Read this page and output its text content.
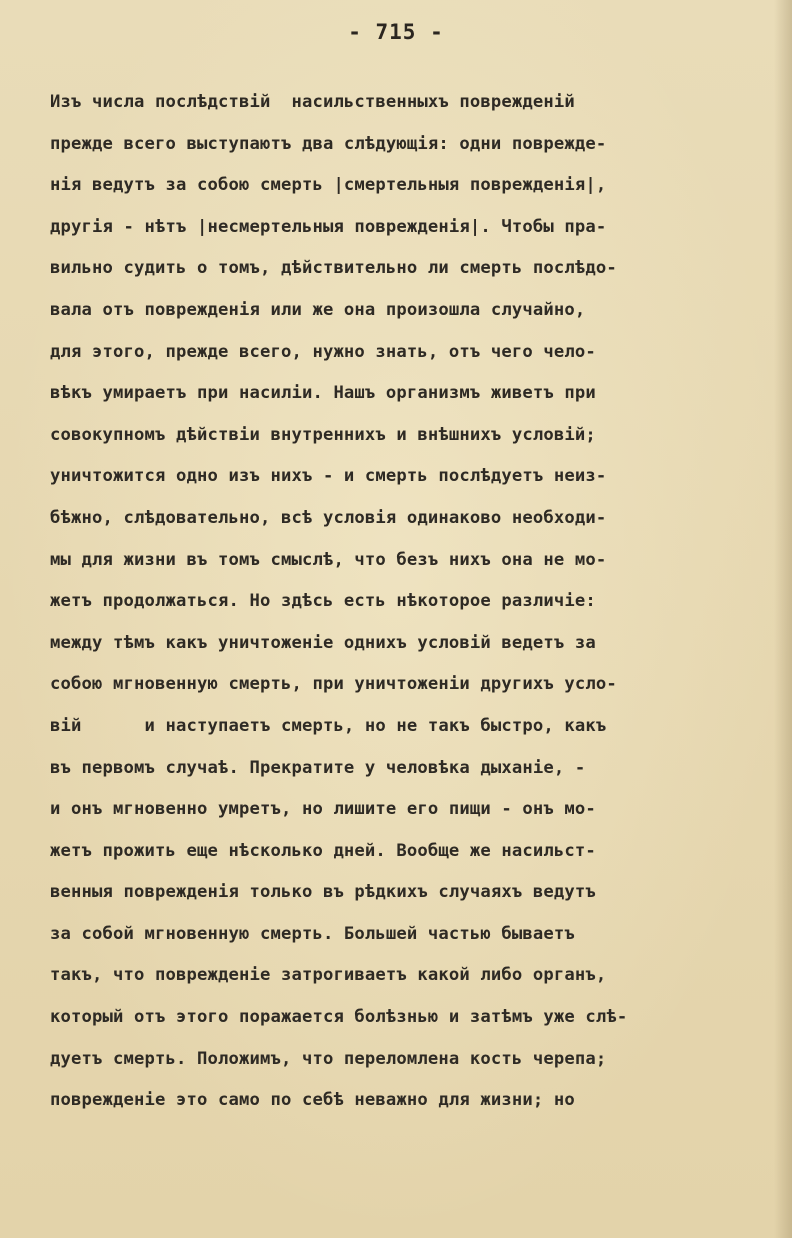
- 715 -
Изъ числа послѣдствій  насильственныхъ поврежденій
прежде всего выступаютъ два слѣдующія: одни поврежде-
нія ведутъ за собою смерть |смертельныя поврежденія|,
другія - нѣтъ |несмертельныя поврежденія|. Чтобы пра-
вильно судить о томъ, дѣйствительно ли смерть послѣдо-
вала отъ поврежденія или же она произошла случайно,
для этого, прежде всего, нужно знать, отъ чего чело-
вѣкъ умираетъ при насиліи. Нашъ организмъ живетъ при
совокупномъ дѣйствіи внутреннихъ и внѣшнихъ условій;
уничтожится одно изъ нихъ - и смерть послѣдуетъ неиз-
бѣжно, слѣдовательно, всѣ условія одинаково необходи-
мы для жизни въ томъ смыслѣ, что безъ нихъ она не мо-
жетъ продолжаться. Но здѣсь есть нѣкоторое различіе:
между тѣмъ какъ уничтоженіе однихъ условій ведетъ за
собою мгновенную смерть, при уничтоженіи другихъ усло-
вій      и наступаетъ смерть, но не такъ быстро, какъ
въ первомъ случаѣ. Прекратите у человѣка дыханіе, -
и онъ мгновенно умретъ, но лишите его пищи - онъ мо-
жетъ прожить еще нѣсколько дней. Вообще же насильст-
венныя поврежденія только въ рѣдкихъ случаяхъ ведутъ
за собой мгновенную смерть. Большей частью бываетъ
такъ, что поврежденіе затрогиваетъ какой либо органъ,
который отъ этого поражается болѣзнью и затѣмъ уже слѣ-
дуетъ смерть. Положимъ, что переломлена кость черепа;
поврежденіе это само по себѣ неважно для жизни; но
